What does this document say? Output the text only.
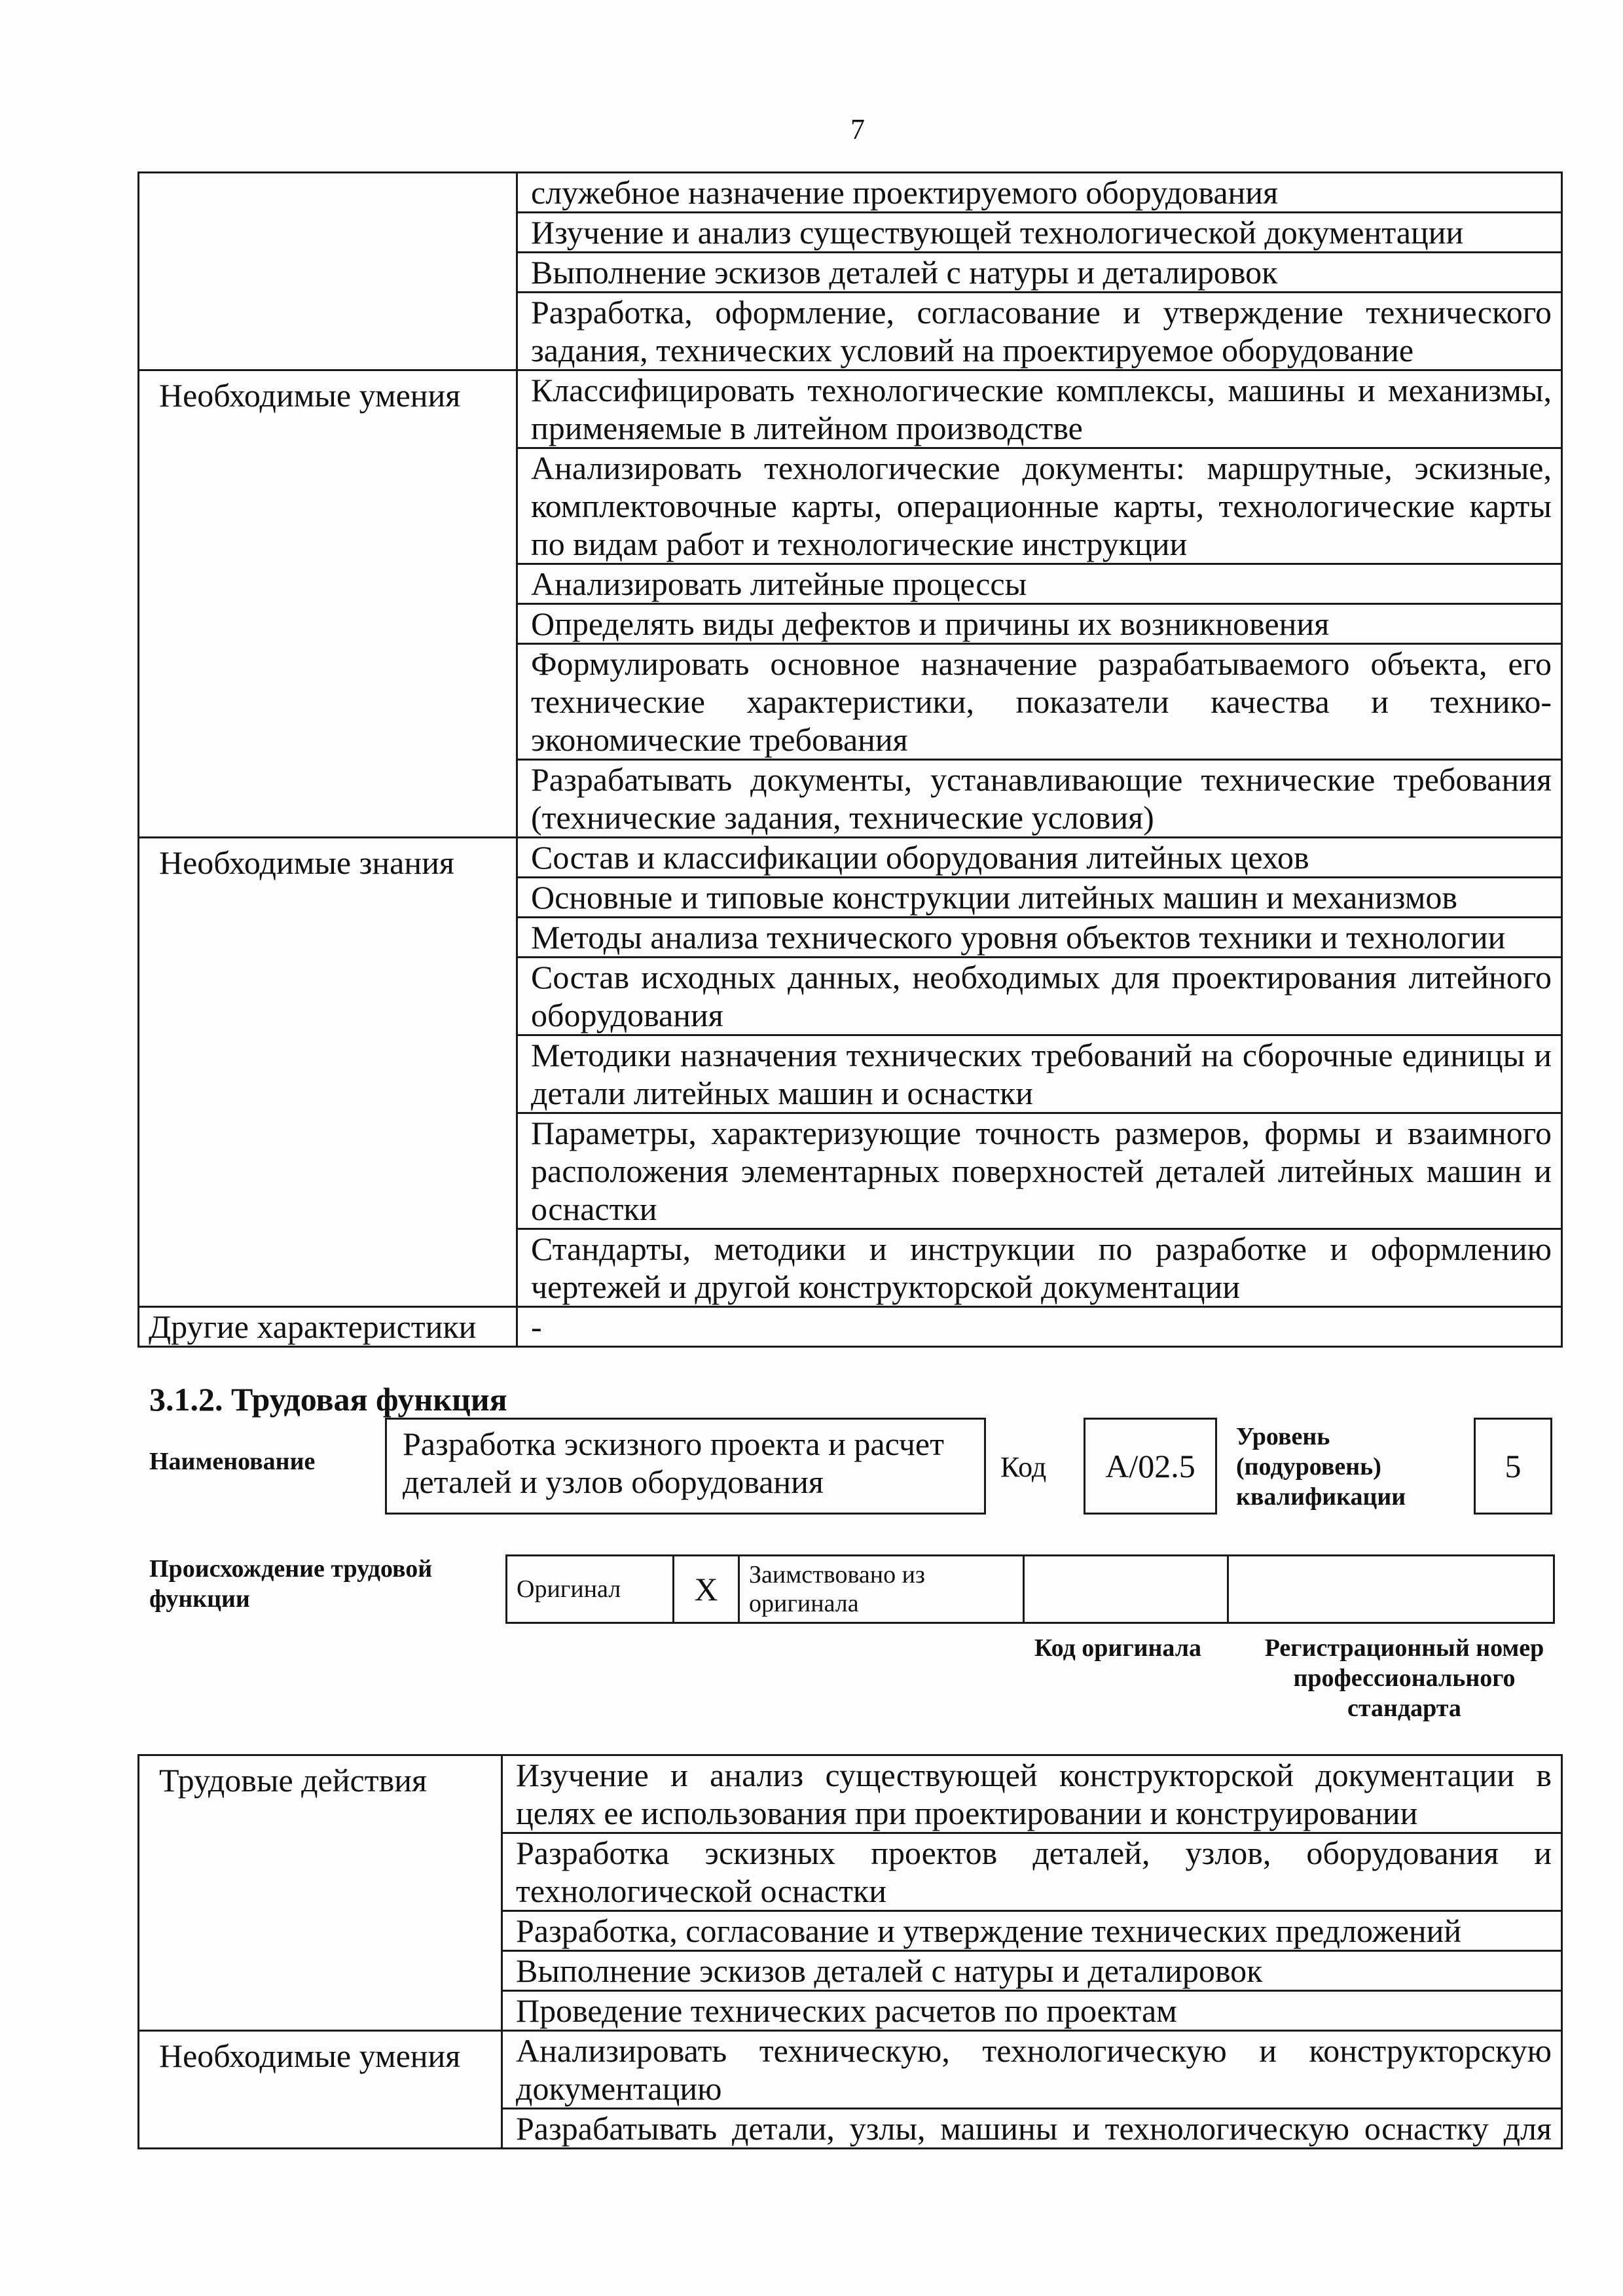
7
	служебное назначение проектируемого оборудования
	Изучение и анализ существующей технологической документации
	Выполнение эскизов деталей с натуры и деталировок
	Разработка, оформление, согласование и утверждение технического задания, технических условий на проектируемое оборудование
Необходимые умения	Классифицировать технологические комплексы, машины и механизмы, применяемые в литейном производстве
	Анализировать технологические документы: маршрутные, эскизные, комплектовочные карты, операционные карты, технологические карты по видам работ и технологические инструкции
	Анализировать литейные процессы
	Определять виды дефектов и причины их возникновения
	Формулировать основное назначение разрабатываемого объекта, его технические характеристики, показатели качества и технико-экономические требования
	Разрабатывать документы, устанавливающие технические требования (технические задания, технические условия)
Необходимые знания	Состав и классификации оборудования литейных цехов
	Основные и типовые конструкции литейных машин и механизмов
	Методы анализа технического уровня объектов техники и технологии
	Состав исходных данных, необходимых для проектирования литейного оборудования
	Методики назначения технических требований на сборочные единицы и детали литейных машин и оснастки
	Параметры, характеризующие точность размеров, формы и взаимного расположения элементарных поверхностей деталей литейных машин и оснастки
	Стандарты, методики и инструкции по разработке и оформлению чертежей и другой конструкторской документации
Другие характеристики	-
3.1.2. Трудовая функция
Наименование	Разработка эскизного проекта и расчет деталей и узлов оборудования	Код	А/02.5
Уровень (подуровень) квалификации
5
Происхождение трудовой функции	Оригинал	X	Заимствовано из оригинала		
Код оригинала	Регистрационный номер профессионального стандарта
Трудовые действия	Изучение и анализ существующей конструкторской документации в целях ее использования при проектировании и конструировании
	Разработка эскизных проектов деталей, узлов, оборудования и технологической оснастки
	Разработка, согласование и утверждение технических предложений
	Выполнение эскизов деталей с натуры и деталировок
	Проведение технических расчетов по проектам
Необходимые умения	Анализировать техническую, технологическую и конструкторскую документацию
	Разрабатывать детали, узлы, машины и технологическую оснастку для
